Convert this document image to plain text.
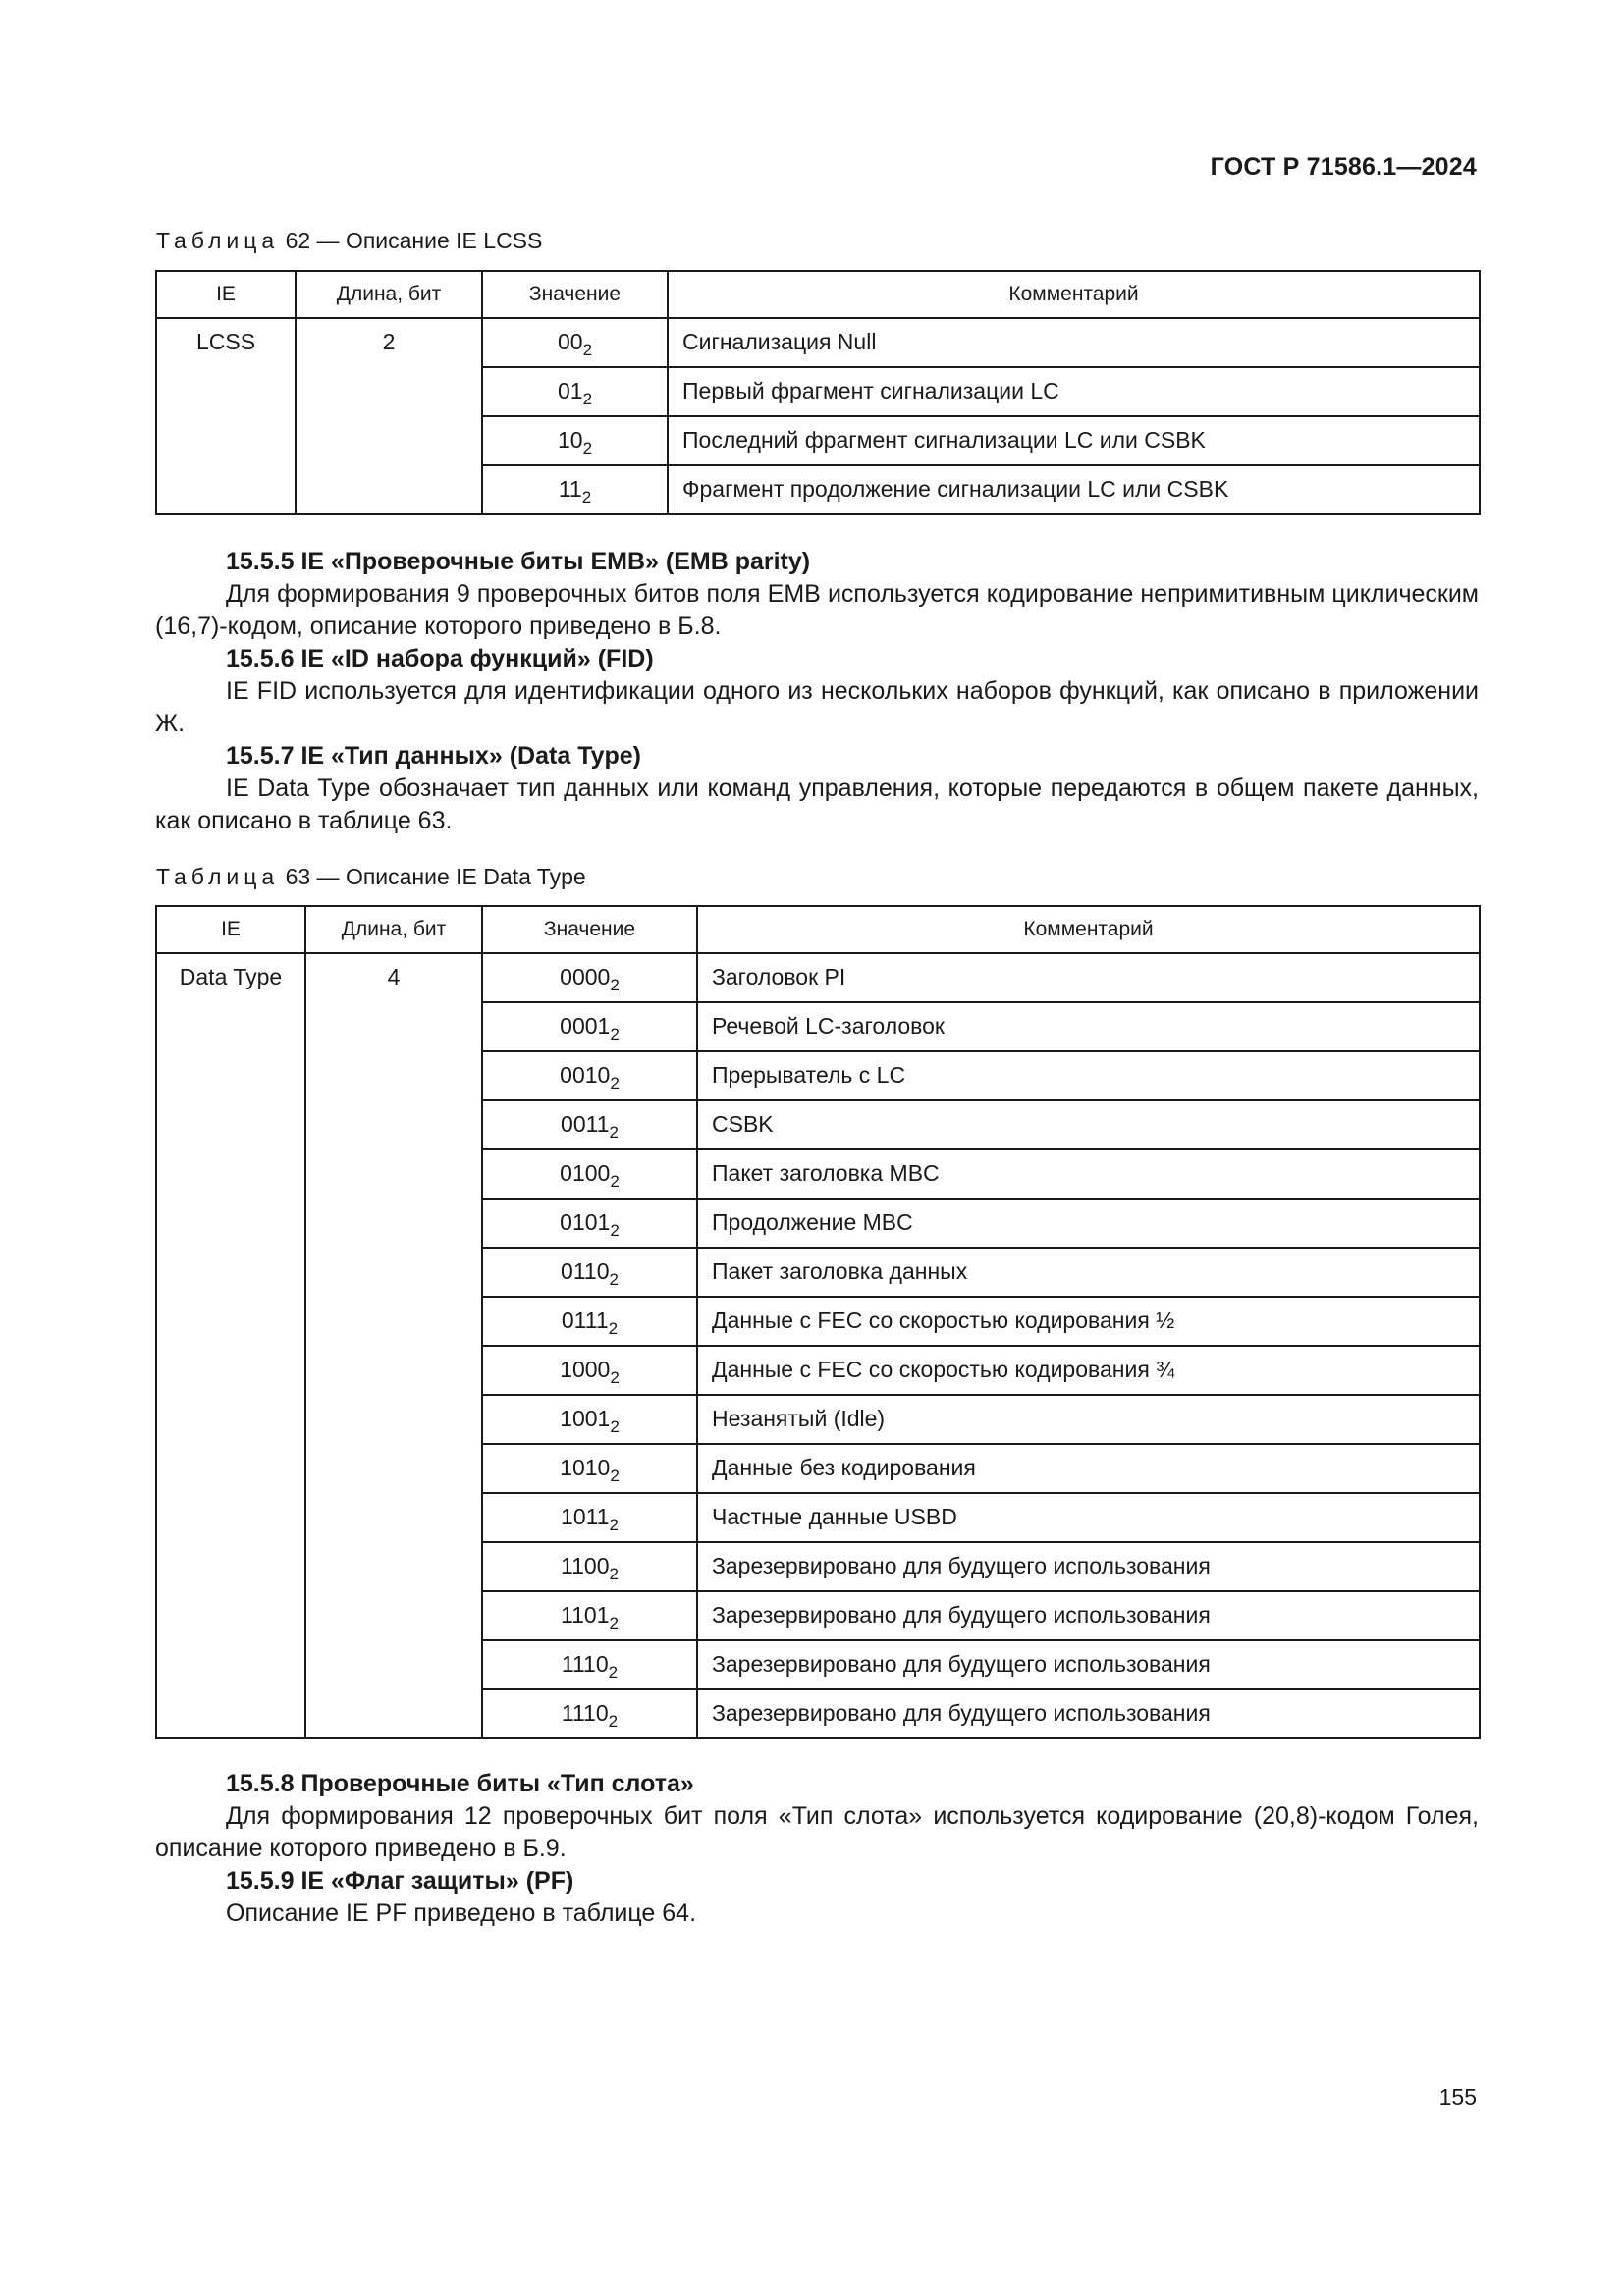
ГОСТ Р 71586.1—2024
Таблица 62 — Описание IE LCSS
IE	Длина, бит	Значение	Комментарий
LCSS	2	$00_2$	Сигнализация Null
		$01_2$	Первый фрагмент сигнализации LC
		$10_2$	Последний фрагмент сигнализации LC или CSBK
		$11_2$	Фрагмент продолжение сигнализации LC или CSBK
15.5.5 IE «Проверочные биты EMB» (EMB parity)

Для формирования 9 проверочных битов поля EMB используется кодирование непримитивным циклическим (16,7)-кодом, описание которого приведено в Б.8.

15.5.6 IE «ID набора функций» (FID)

IE FID используется для идентификации одного из нескольких наборов функций, как описано в приложении Ж.

15.5.7 IE «Тип данных» (Data Type)

IE Data Type обозначает тип данных или команд управления, которые передаются в общем пакете данных, как описано в таблице 63.

Таблица 63 — Описание IE Data Type
IE	Длина, бит	Значение	Комментарий
Data Type	4	$0000_2$	Заголовок PI
		$0001_2$	Речевой LC-заголовок
		$0010_2$	Прерыватель с LC
		$0011_2$	CSBK
		$0100_2$	Пакет заголовка MBC
		$0101_2$	Продолжение MBC
		$0110_2$	Пакет заголовка данных
		$0111_2$	Данные с FEC со скоростью кодирования ½
		$1000_2$	Данные с FEC со скоростью кодирования ¾
		$1001_2$	Незанятый (Idle)
		$1010_2$	Данные без кодирования
		$1011_2$	Частные данные USBD
		$1100_2$	Зарезервировано для будущего использования
		$1101_2$	Зарезервировано для будущего использования
		$1110_2$	Зарезервировано для будущего использования
		$1110_2$	Зарезервировано для будущего использования
15.5.8 Проверочные биты «Тип слота»

Для формирования 12 проверочных бит поля «Тип слота» используется кодирование (20,8)-кодом Голея, описание которого приведено в Б.9.

15.5.9 IE «Флаг защиты» (PF)

Описание IE PF приведено в таблице 64.

155
